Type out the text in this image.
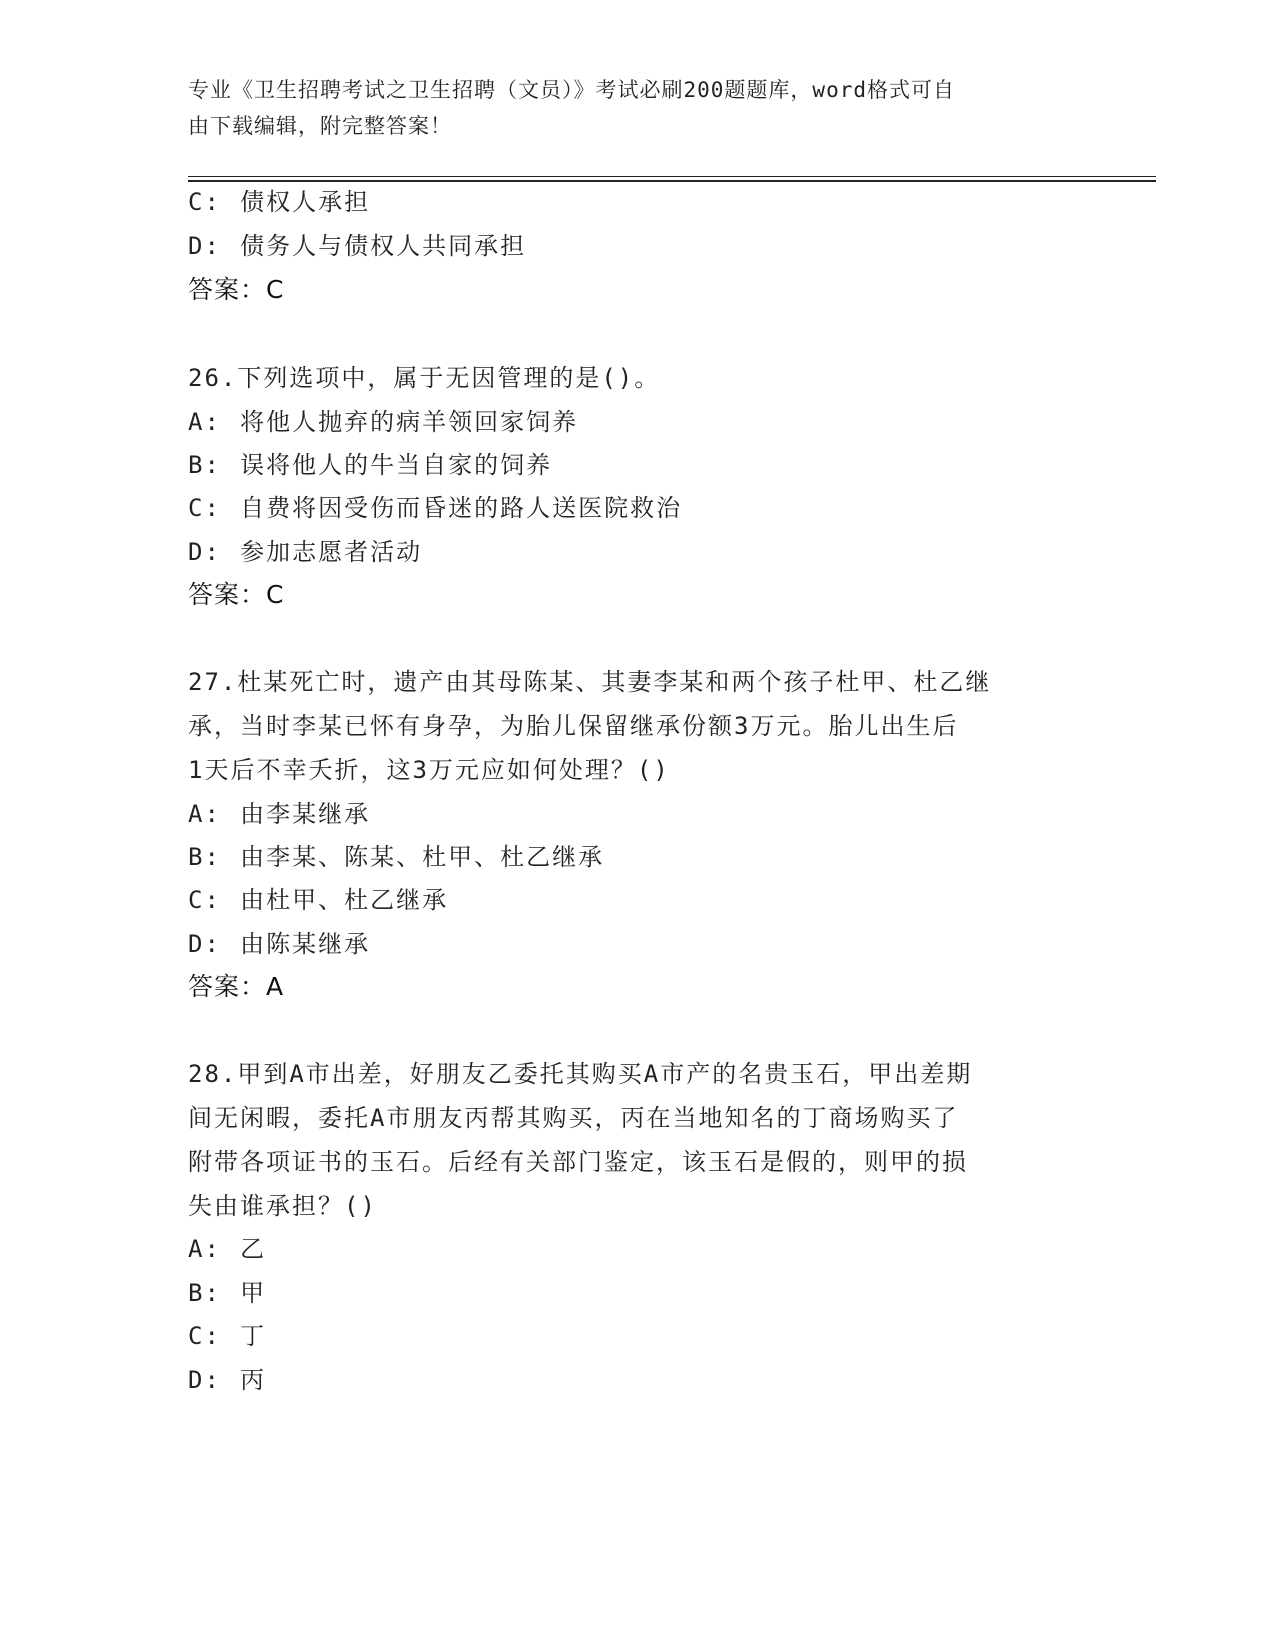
专业《卫生招聘考试之卫生招聘（文员）》考试必刷200题题库，word格式可自
由下载编辑，附完整答案！
C: 债权人承担
D: 债务人与债权人共同承担
答案：C
26.下列选项中，属于无因管理的是()。
A: 将他人抛弃的病羊领回家饲养
B: 误将他人的牛当自家的饲养
C: 自费将因受伤而昏迷的路人送医院救治
D: 参加志愿者活动
答案：C
27.杜某死亡时，遗产由其母陈某、其妻李某和两个孩子杜甲、杜乙继
承，当时李某已怀有身孕，为胎儿保留继承份额3万元。胎儿出生后
1天后不幸夭折，这3万元应如何处理？()
A: 由李某继承
B: 由李某、陈某、杜甲、杜乙继承
C: 由杜甲、杜乙继承
D: 由陈某继承
答案：A
28.甲到A市出差，好朋友乙委托其购买A市产的名贵玉石，甲出差期
间无闲暇，委托A市朋友丙帮其购买，丙在当地知名的丁商场购买了
附带各项证书的玉石。后经有关部门鉴定，该玉石是假的，则甲的损
失由谁承担？()
A: 乙
B: 甲
C: 丁
D: 丙
